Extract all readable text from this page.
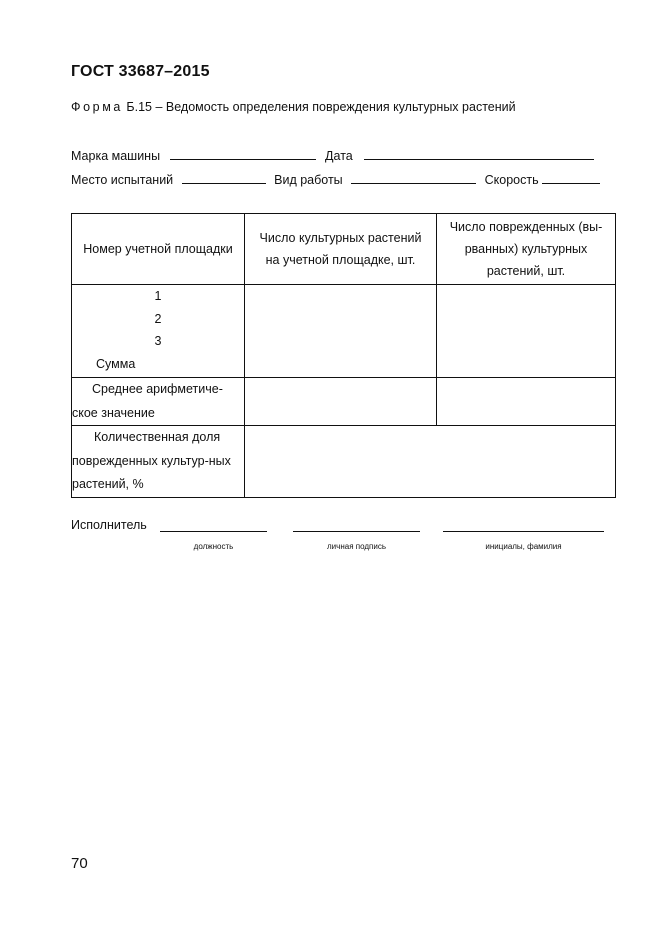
ГОСТ 33687–2015
Форма Б.15 – Ведомость определения повреждения культурных растений
Марка машины	Дата
Место испытаний	Вид работы	Скорость
Номер учетной площадки	Число культурных растений на учетной площадке, шт.	Число поврежденных (вы-рванных) культурных растений, шт.

1
2
3
Сумма		

Среднее арифметиче-ское значение		
Количественная доля поврежденных культур-ных растений, %		
Исполнитель
должность	личная подпись	инициалы, фамилия
70
